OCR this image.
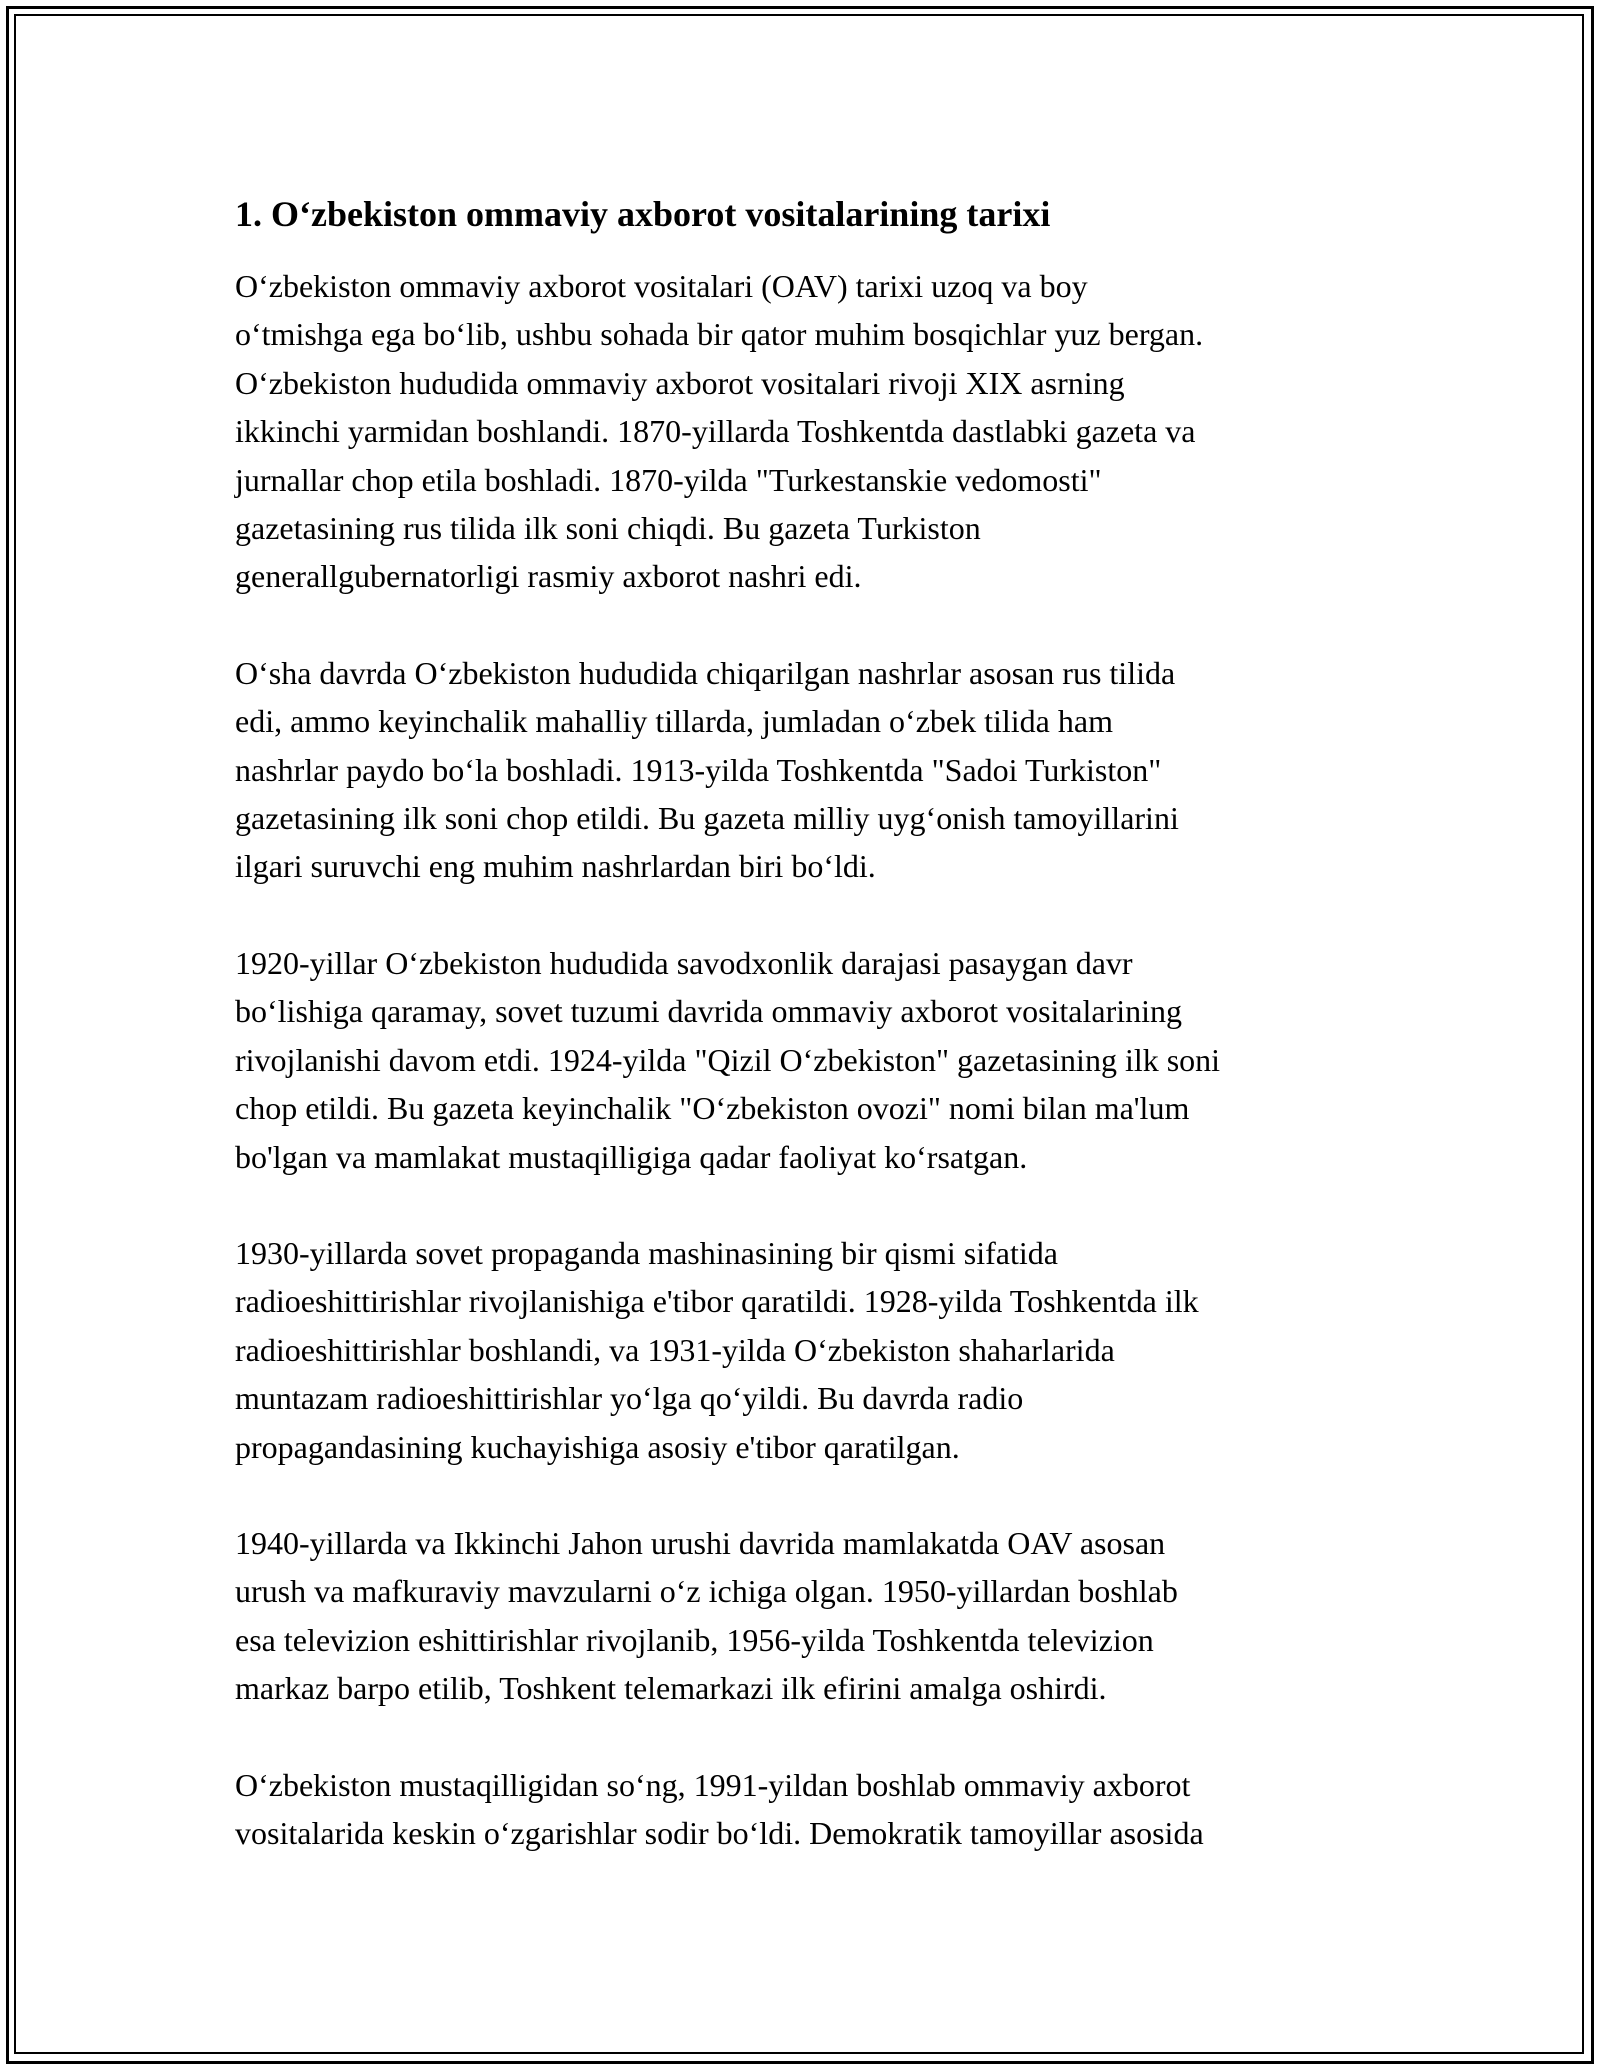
1. O‘zbekiston ommaviy axborot vositalarining tarixi

O‘zbekiston ommaviy axborot vositalari (OAV) tarixi uzoq va boy
o‘tmishga ega bo‘lib, ushbu sohada bir qator muhim bosqichlar yuz bergan.
O‘zbekiston hududida ommaviy axborot vositalari rivoji XIX asrning
ikkinchi yarmidan boshlandi. 1870-yillarda Toshkentda dastlabki gazeta va
jurnallar chop etila boshladi. 1870-yilda "Turkestanskie vedomosti"
gazetasining rus tilida ilk soni chiqdi. Bu gazeta Turkiston
generallgubernatorligi rasmiy axborot nashri edi.

O‘sha davrda O‘zbekiston hududida chiqarilgan nashrlar asosan rus tilida
edi, ammo keyinchalik mahalliy tillarda, jumladan o‘zbek tilida ham
nashrlar paydo bo‘la boshladi. 1913-yilda Toshkentda "Sadoi Turkiston"
gazetasining ilk soni chop etildi. Bu gazeta milliy uyg‘onish tamoyillarini
ilgari suruvchi eng muhim nashrlardan biri bo‘ldi.

1920-yillar O‘zbekiston hududida savodxonlik darajasi pasaygan davr
bo‘lishiga qaramay, sovet tuzumi davrida ommaviy axborot vositalarining
rivojlanishi davom etdi. 1924-yilda "Qizil O‘zbekiston" gazetasining ilk soni
chop etildi. Bu gazeta keyinchalik "O‘zbekiston ovozi" nomi bilan ma'lum
bo'lgan va mamlakat mustaqilligiga qadar faoliyat ko‘rsatgan.

1930-yillarda sovet propaganda mashinasining bir qismi sifatida
radioeshittirishlar rivojlanishiga e'tibor qaratildi. 1928-yilda Toshkentda ilk
radioeshittirishlar boshlandi, va 1931-yilda O‘zbekiston shaharlarida
muntazam radioeshittirishlar yo‘lga qo‘yildi. Bu davrda radio
propagandasining kuchayishiga asosiy e'tibor qaratilgan.

1940-yillarda va Ikkinchi Jahon urushi davrida mamlakatda OAV asosan
urush va mafkuraviy mavzularni o‘z ichiga olgan. 1950-yillardan boshlab
esa televizion eshittirishlar rivojlanib, 1956-yilda Toshkentda televizion
markaz barpo etilib, Toshkent telemarkazi ilk efirini amalga oshirdi.

O‘zbekiston mustaqilligidan so‘ng, 1991-yildan boshlab ommaviy axborot
vositalarida keskin o‘zgarishlar sodir bo‘ldi. Demokratik tamoyillar asosida
